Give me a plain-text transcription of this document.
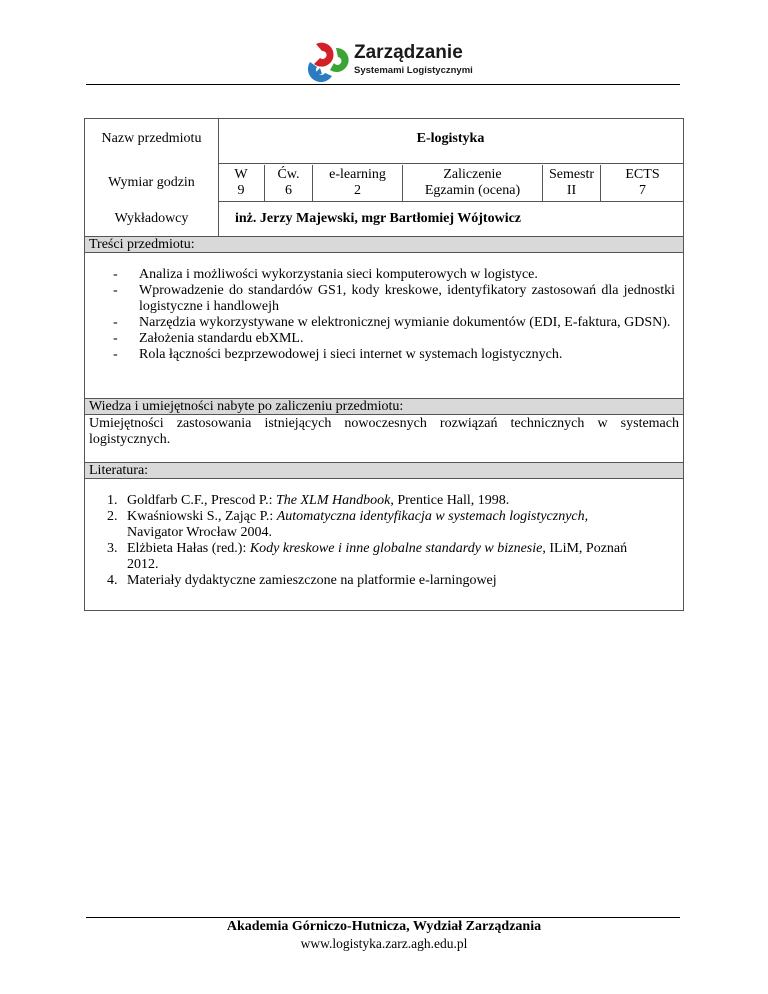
Zarządzanie
Systemami Logistycznymi
Nazw przedmiotu	E-logistyka
Wymiar godzin
W
9
Ćw.
6
e-learning
2
Zaliczenie
Egzamin (ocena)
Semestr
II
ECTS
7
Wykładowcy	inż. Jerzy Majewski, mgr Bartłomiej Wójtowicz
Treści przedmiotu:
- Analiza i możliwości wykorzystania sieci komputerowych w logistyce.
- Wprowadzenie do standardów GS1, kody kreskowe, identyfikatory zastosowań dla jednostki logistyczne i handlowejh
- Narzędzia wykorzystywane w elektronicznej wymianie dokumentów (EDI, E-faktura, GDSN).
- Założenia standardu ebXML.
- Rola łączności bezprzewodowej i sieci internet w systemach logistycznych.
Wiedza i umiejętności nabyte po zaliczeniu przedmiotu:
Umiejętności zastosowania istniejących nowoczesnych rozwiązań technicznych w systemach logistycznych.
Literatura:
1. Goldfarb C.F., Prescod P.: The XLM Handbook, Prentice Hall, 1998.
2. Kwaśniowski S., Zając P.: Automatyczna identyfikacja w systemach logistycznych, Navigator Wrocław 2004.
3. Elżbieta Hałas (red.): Kody kreskowe i inne globalne standardy w biznesie, ILiM, Poznań 2012.
4. Materiały dydaktyczne zamieszczone na platformie e-larningowej
Akademia Górniczo-Hutnicza, Wydział Zarządzania
www.logistyka.zarz.agh.edu.pl
